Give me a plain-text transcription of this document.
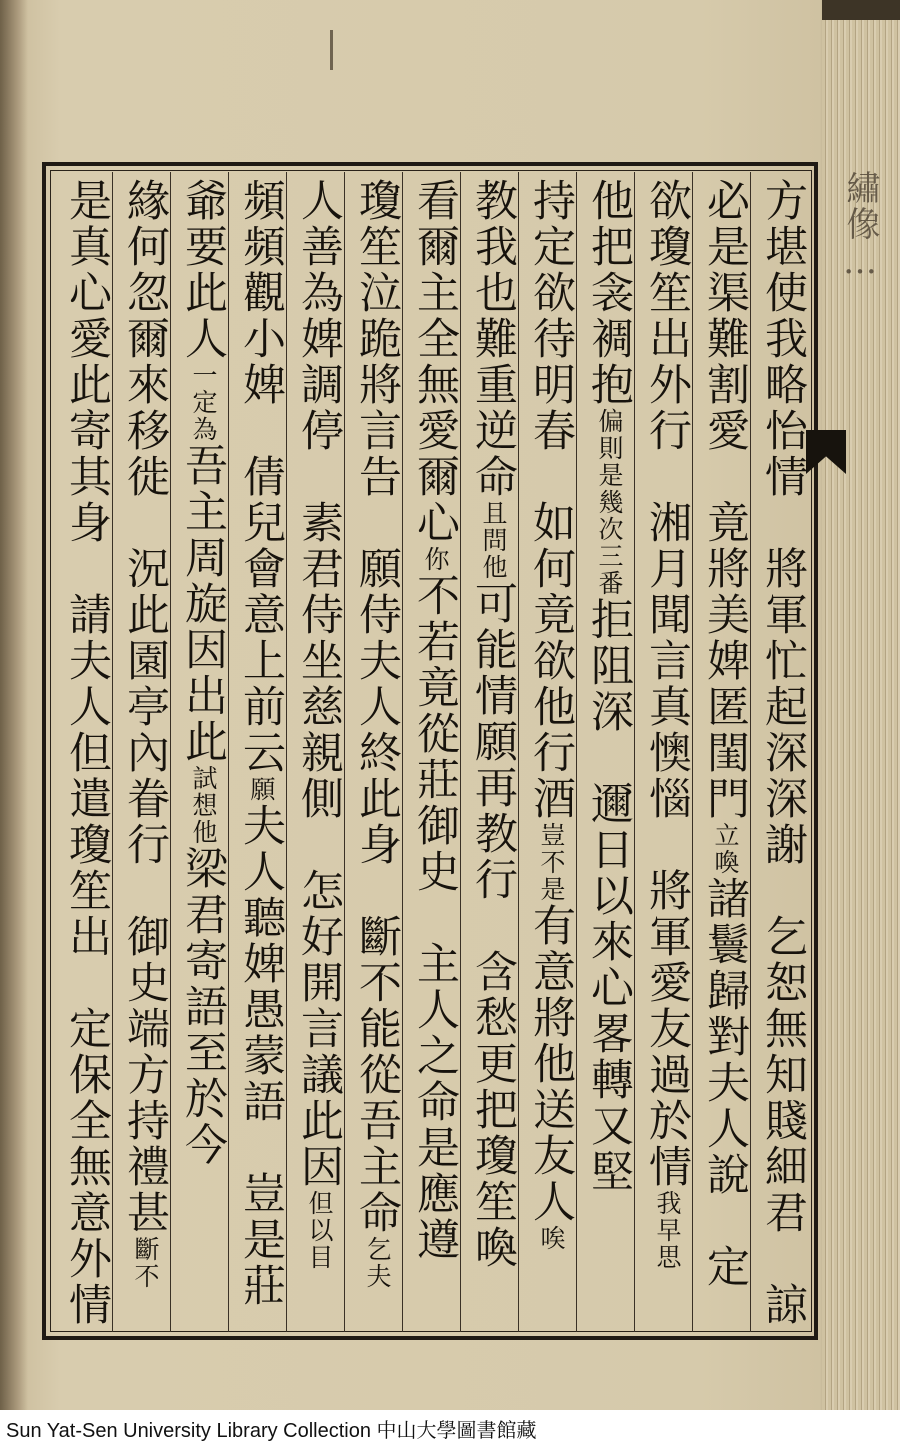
繡像…
方堪使我略怡情　將軍忙起深深謝　乞恕無知賤細君　諒
必是渠難割愛　竟將美婢匿閨門立喚諸鬟歸對夫人說　定
欲瓊笙出外行　湘月聞言真懊惱　將軍愛友過於情我早思
他把衾裯抱偏則是幾次三番拒阻深　邇日以來心畧轉又堅
持定欲待明春　如何竟欲他行酒豈不是有意將他送友人唉
教我也難重逆命且問他可能情願再教行　含愁更把瓊笙喚
看爾主全無愛爾心你不若竟從莊御史　主人之命是應遵
瓊笙泣跪將言告　願侍夫人終此身　斷不能從吾主命乞夫
人善為婢調停　素君侍坐慈親側　怎好開言議此因但以目
頻頻觀小婢　倩兒會意上前云願夫人聽婢愚蒙語　豈是莊
爺要此人一定為吾主周旋因出此試想他梁君寄語至於今
緣何忽爾來移徙　況此園亭內眷行　御史端方持禮甚斷不
是真心愛此寄其身　請夫人但遣瓊笙出　定保全無意外情
Sun Yat-Sen University Library Collection 中山大學圖書館藏
